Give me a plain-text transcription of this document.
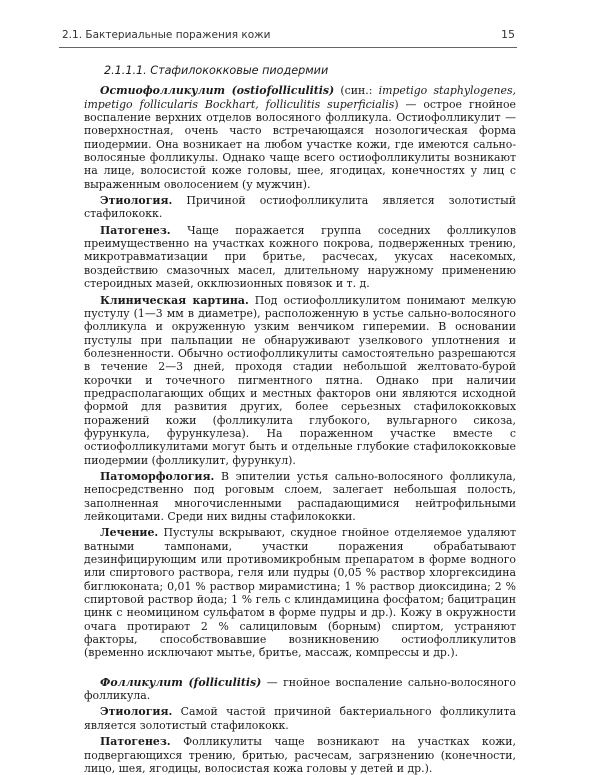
2.1. Бактериальные поражения кожи	15
2.1.1.1. Стафилококковые пиодермии

Остиофолликулит (ostiofolliculitis) (син.: impetigo staphylogenes, impetigo follicularis Bockhart, folliculitis superficialis) — острое гнойное воспаление верхних отделов волосяного фолликула. Остиофолликулит — поверхностная, очень часто встречающаяся нозологическая форма пиодермии. Она возникает на любом участке кожи, где имеются сально-волосяные фолликулы. Однако чаще всего остиофолликулиты возникают на лице, волосистой коже головы, шее, ягодицах, конечностях у лиц с выраженным оволосением (у мужчин).

Этиология. Причиной остиофолликулита является золотистый стафилококк.

Патогенез. Чаще поражается группа соседних фолликулов преимущественно на участках кожного покрова, подверженных трению, микротравматизации при бритье, расчесах, укусах насекомых, воздействию смазочных масел, длительному наружному применению стероидных мазей, окклюзионных повязок и т. д.

Клиническая картина. Под остиофолликулитом понимают мелкую пустулу (1—3 мм в диаметре), расположенную в устье сально-волосяного фолликула и окруженную узким венчиком гиперемии. В основании пустулы при пальпации не обнаруживают узелкового уплотнения и болезненности. Обычно остиофолликулиты самостоятельно разрешаются в течение 2—3 дней, проходя стадии небольшой желтовато-бурой корочки и точечного пигментного пятна. Однако при наличии предрасполагающих общих и местных факторов они являются исходной формой для развития других, более серьезных стафилококковых поражений кожи (фолликулита глубокого, вульгарного сикоза, фурункула, фурункулеза). На пораженном участке вместе с остиофолликулитами могут быть и отдельные глубокие стафилококковые пиодермии (фолликулит, фурункул).

Патоморфология. В эпителии устья сально-волосяного фолликула, непосредственно под роговым слоем, залегает небольшая полость, заполненная многочисленными распадающимися нейтрофильными лейкоцитами. Среди них видны стафилококки.

Лечение. Пустулы вскрывают, скудное гнойное отделяемое удаляют ватными тампонами, участки поражения обрабатывают дезинфицирующим или противомикробным препаратом в форме водного или спиртового раствора, геля или пудры (0,05 % раствор хлоргексидина биглюконата; 0,01 % раствор мирамистина; 1 % раствор диоксидина; 2 % спиртовой раствор йода; 1 % гель с клиндамицина фосфатом; бацитрацин цинк с неомицином сульфатом в форме пудры и др.). Кожу в окружности очага протирают 2 % салициловым (борным) спиртом, устраняют факторы, способствовавшие возникновению остиофолликулитов (временно исключают мытье, бритье, массаж, компрессы и др.).

Фолликулит (folliculitis) — гнойное воспаление сально-волосяного фолликула.

Этиология. Самой частой причиной бактериального фолликулита является золотистый стафилококк.

Патогенез. Фолликулиты чаще возникают на участках кожи, подвергающихся трению, бритью, расчесам, загрязнению (конечности, лицо, шея, ягодицы, волосистая кожа головы у детей и др.).
